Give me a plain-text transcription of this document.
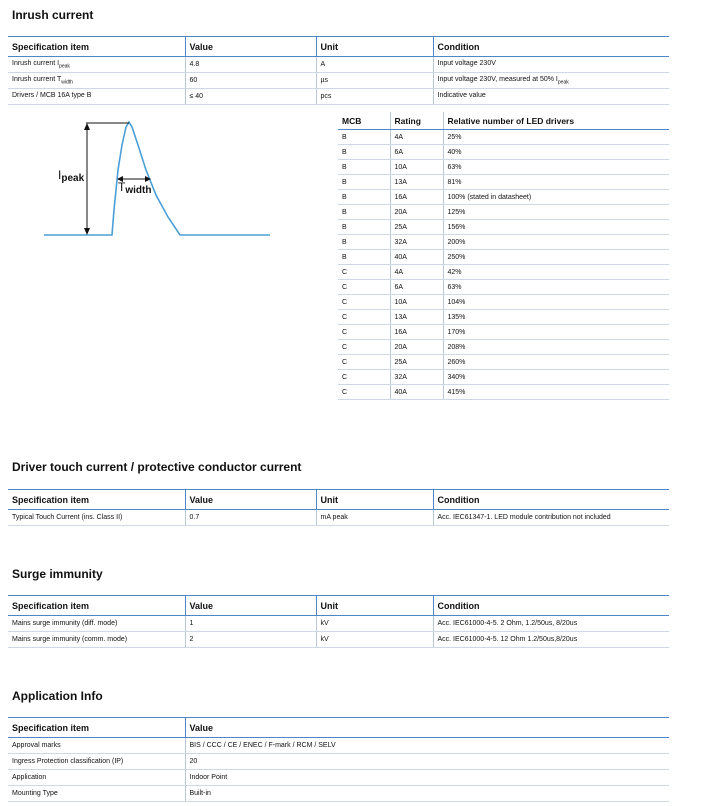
Inrush current
Specification item	Value	Unit	Condition
Inrush current $I_{peak}$	4.8	A	Input voltage 230V
Inrush current $T_{width}$	60	µs	Input voltage 230V, measured at 50% $I_{peak}$
Drivers / MCB 16A type B	≤ 40	pcs	Indicative value
Ipeak
Twidth
MCB	Rating	Relative number of LED drivers
B	4A	25%
B	6A	40%
B	10A	63%
B	13A	81%
B	16A	100% (stated in datasheet)
B	20A	125%
B	25A	156%
B	32A	200%
B	40A	250%
C	4A	42%
C	6A	63%
C	10A	104%
C	13A	135%
C	16A	170%
C	20A	208%
C	25A	260%
C	32A	340%
C	40A	415%
Driver touch current / protective conductor current
Specification item	Value	Unit	Condition
Typical Touch Current (ins. Class II)	0.7	mA peak	Acc. IEC61347-1. LED module contribution not included
Surge immunity
Specification item	Value	Unit	Condition
Mains surge immunity (diff. mode)	1	kV	Acc. IEC61000-4-5. 2 Ohm, 1.2/50us, 8/20us
Mains surge immunity (comm. mode)	2	kV	Acc. IEC61000-4-5. 12 Ohm 1.2/50us,8/20us
Application Info
Specification item	Value
Approval marks	BIS / CCC / CE / ENEC / F-mark / RCM / SELV
Ingress Protection classification (IP)	20
Application	Indoor Point
Mounting Type	Built-in
